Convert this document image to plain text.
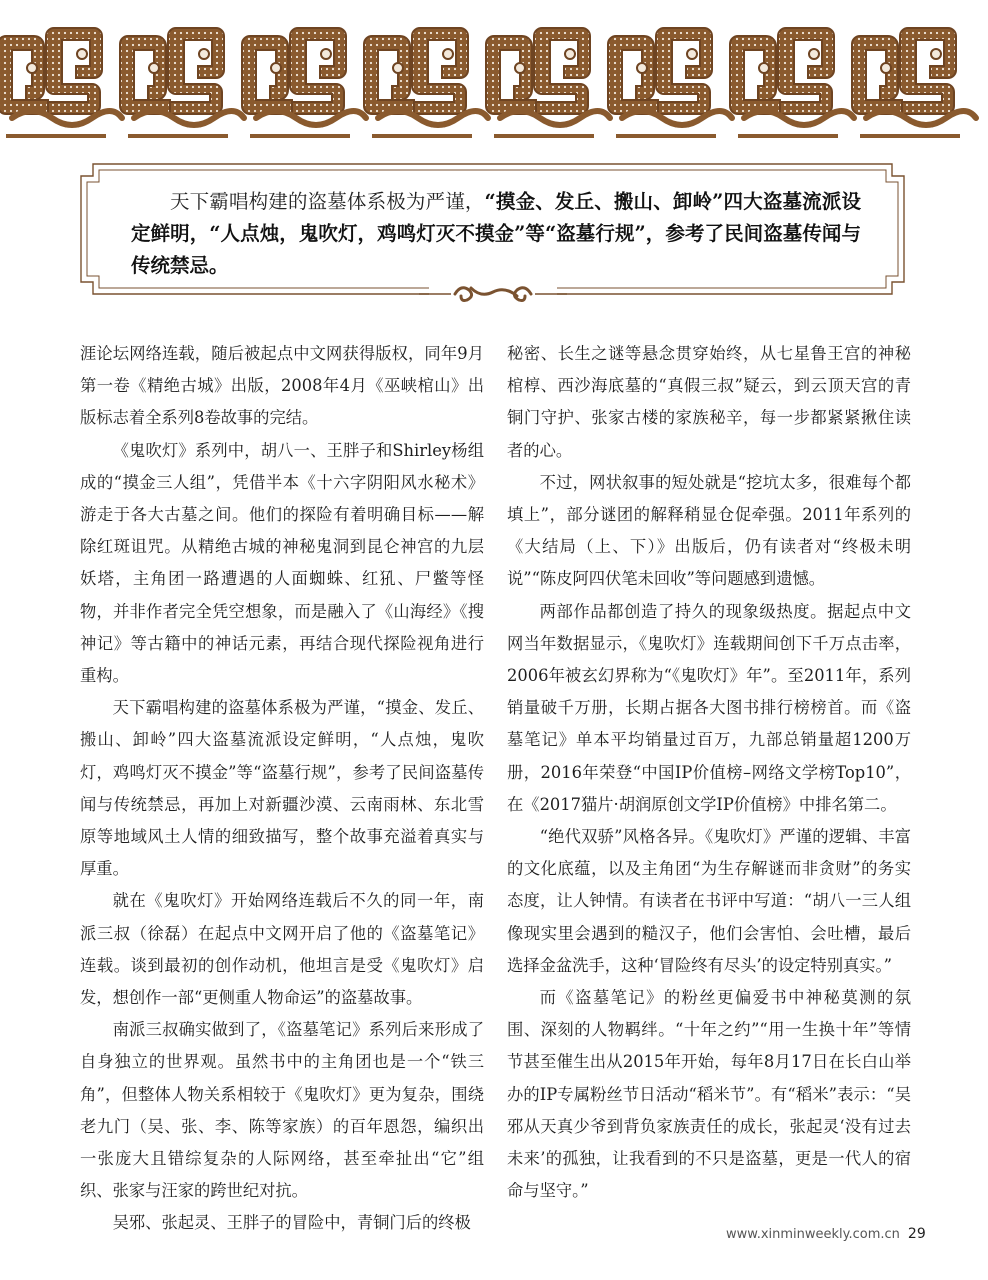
天下霸唱构建的盗墓体系极为严谨，“摸金、发丘、搬山、卸岭”四大盗墓流派设定鲜明，“人点烛，鬼吹灯，鸡鸣灯灭不摸金”等“盗墓行规”，参考了民间盗墓传闻与传统禁忌。

涯论坛网络连载，随后被起点中文网获得版权，同年9月第一卷《精绝古城》出版，2008年4月《巫峡棺山》出版标志着全系列8卷故事的完结。

《鬼吹灯》系列中，胡八一、王胖子和Shirley杨组成的“摸金三人组”，凭借半本《十六字阴阳风水秘术》游走于各大古墓之间。他们的探险有着明确目标——解除红斑诅咒。从精绝古城的神秘鬼洞到昆仑神宫的九层妖塔，主角团一路遭遇的人面蜘蛛、红犼、尸鳖等怪物，并非作者完全凭空想象，而是融入了《山海经》《搜神记》等古籍中的神话元素，再结合现代探险视角进行重构。

天下霸唱构建的盗墓体系极为严谨，“摸金、发丘、搬山、卸岭”四大盗墓流派设定鲜明，“人点烛，鬼吹灯，鸡鸣灯灭不摸金”等“盗墓行规”，参考了民间盗墓传闻与传统禁忌，再加上对新疆沙漠、云南雨林、东北雪原等地域风土人情的细致描写，整个故事充溢着真实与厚重。

就在《鬼吹灯》开始网络连载后不久的同一年，南派三叔（徐磊）在起点中文网开启了他的《盗墓笔记》连载。谈到最初的创作动机，他坦言是受《鬼吹灯》启发，想创作一部“更侧重人物命运”的盗墓故事。

南派三叔确实做到了，《盗墓笔记》系列后来形成了自身独立的世界观。虽然书中的主角团也是一个“铁三角”，但整体人物关系相较于《鬼吹灯》更为复杂，围绕老九门（吴、张、李、陈等家族）的百年恩怨，编织出一张庞大且错综复杂的人际网络，甚至牵扯出“它”组织、张家与汪家的跨世纪对抗。

吴邪、张起灵、王胖子的冒险中，青铜门后的终极

秘密、长生之谜等悬念贯穿始终，从七星鲁王宫的神秘棺椁、西沙海底墓的“真假三叔”疑云，到云顶天宫的青铜门守护、张家古楼的家族秘辛，每一步都紧紧揪住读者的心。

不过，网状叙事的短处就是“挖坑太多，很难每个都填上”，部分谜团的解释稍显仓促牵强。2011年系列的《大结局（上、下）》出版后，仍有读者对“终极未明说”“陈皮阿四伏笔未回收”等问题感到遗憾。

两部作品都创造了持久的现象级热度。据起点中文网当年数据显示，《鬼吹灯》连载期间创下千万点击率，2006年被玄幻界称为“《鬼吹灯》年”。至2011年，系列销量破千万册，长期占据各大图书排行榜榜首。而《盗墓笔记》单本平均销量过百万，九部总销量超1200万册，2016年荣登“中国IP价值榜–网络文学榜Top10”，在《2017猫片·胡润原创文学IP价值榜》中排名第二。

“绝代双骄”风格各异。《鬼吹灯》严谨的逻辑、丰富的文化底蕴，以及主角团“为生存解谜而非贪财”的务实态度，让人钟情。有读者在书评中写道：“胡八一三人组像现实里会遇到的糙汉子，他们会害怕、会吐槽，最后选择金盆洗手，这种‘冒险终有尽头’的设定特别真实。”

而《盗墓笔记》的粉丝更偏爱书中神秘莫测的氛围、深刻的人物羁绊。“十年之约”“用一生换十年”等情节甚至催生出从2015年开始，每年8月17日在长白山举办的IP专属粉丝节日活动“稻米节”。有“稻米”表示：“吴邪从天真少爷到背负家族责任的成长，张起灵‘没有过去未来’的孤独，让我看到的不只是盗墓，更是一代人的宿命与坚守。”

www.xinminweekly.com.cn 29
